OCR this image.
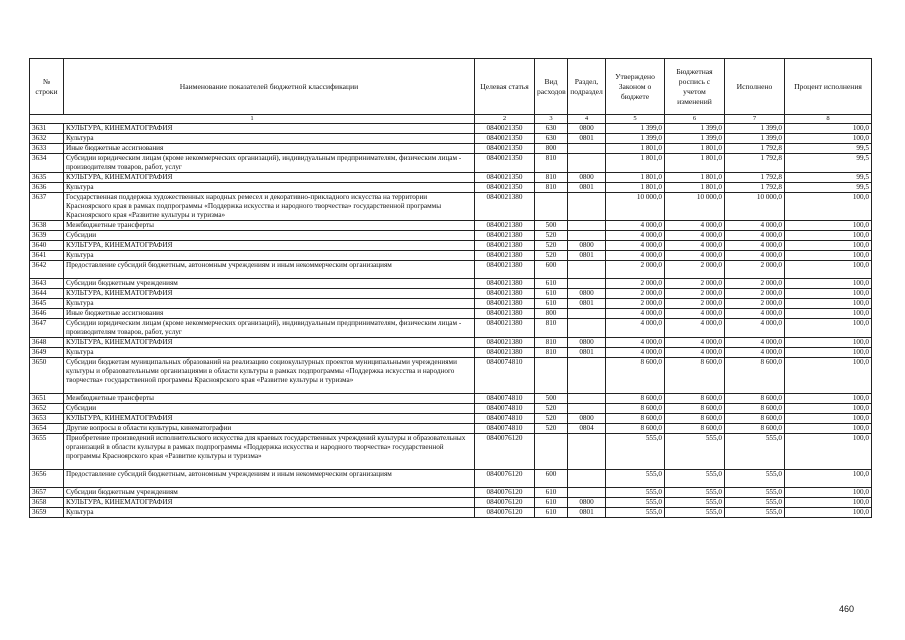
№ строки	Наименование показателей бюджетной классификации	Целевая статья	Вид расходов	Раздел, подраздел	Утверждено Законом о бюджете	Бюджетная роспись с учетом изменений	Исполнено	Процент исполнения
1		2	3	4	5	6	7	8
3631	КУЛЬТУРА, КИНЕМАТОГРАФИЯ	0840021350	630	0800	1 399,0	1 399,0	1 399,0	100,0
3632	Культура	0840021350	630	0801	1 399,0	1 399,0	1 399,0	100,0
3633	Иные бюджетные ассигнования	0840021350	800		1 801,0	1 801,0	1 792,8	99,5
3634	Субсидии юридическим лицам (кроме некоммерческих организаций), индивидуальным предпринимателям, физическим лицам - производителям товаров, работ, услуг	0840021350	810		1 801,0	1 801,0	1 792,8	99,5
3635	КУЛЬТУРА, КИНЕМАТОГРАФИЯ	0840021350	810	0800	1 801,0	1 801,0	1 792,8	99,5
3636	Культура	0840021350	810	0801	1 801,0	1 801,0	1 792,8	99,5
3637	Государственная поддержка художественных народных ремесел и декоративно-прикладного искусства на территории Красноярского края в рамках подпрограммы «Поддержка искусства и народного творчества» государственной программы Красноярского края «Развитие культуры и туризма»	0840021380			10 000,0	10 000,0	10 000,0	100,0
3638	Межбюджетные трансферты	0840021380	500		4 000,0	4 000,0	4 000,0	100,0
3639	Субсидии	0840021380	520		4 000,0	4 000,0	4 000,0	100,0
3640	КУЛЬТУРА, КИНЕМАТОГРАФИЯ	0840021380	520	0800	4 000,0	4 000,0	4 000,0	100,0
3641	Культура	0840021380	520	0801	4 000,0	4 000,0	4 000,0	100,0
3642	Предоставление субсидий бюджетным, автономным учреждениям и иным некоммерческим организациям	0840021380	600		2 000,0	2 000,0	2 000,0	100,0
3643	Субсидии бюджетным учреждениям	0840021380	610		2 000,0	2 000,0	2 000,0	100,0
3644	КУЛЬТУРА, КИНЕМАТОГРАФИЯ	0840021380	610	0800	2 000,0	2 000,0	2 000,0	100,0
3645	Культура	0840021380	610	0801	2 000,0	2 000,0	2 000,0	100,0
3646	Иные бюджетные ассигнования	0840021380	800		4 000,0	4 000,0	4 000,0	100,0
3647	Субсидии юридическим лицам (кроме некоммерческих организаций), индивидуальным предпринимателям, физическим лицам - производителям товаров, работ, услуг	0840021380	810		4 000,0	4 000,0	4 000,0	100,0
3648	КУЛЬТУРА, КИНЕМАТОГРАФИЯ	0840021380	810	0800	4 000,0	4 000,0	4 000,0	100,0
3649	Культура	0840021380	810	0801	4 000,0	4 000,0	4 000,0	100,0
3650	Субсидии бюджетам муниципальных образований на реализацию социокультурных проектов муниципальными учреждениями культуры и образовательными организациями в области культуры в рамках подпрограммы «Поддержка искусства и народного творчества» государственной программы Красноярского края «Развитие культуры и туризма»	0840074810			8 600,0	8 600,0	8 600,0	100,0
3651	Межбюджетные трансферты	0840074810	500		8 600,0	8 600,0	8 600,0	100,0
3652	Субсидии	0840074810	520		8 600,0	8 600,0	8 600,0	100,0
3653	КУЛЬТУРА, КИНЕМАТОГРАФИЯ	0840074810	520	0800	8 600,0	8 600,0	8 600,0	100,0
3654	Другие вопросы в области культуры, кинематографии	0840074810	520	0804	8 600,0	8 600,0	8 600,0	100,0
3655	Приобретение произведений исполнительского искусства для краевых государственных учреждений культуры и образовательных организаций в области культуры в рамках подпрограммы «Поддержка искусства и народного творчества» государственной программы Красноярского края «Развитие культуры и туризма»	0840076120			555,0	555,0	555,0	100,0
3656	Предоставление субсидий бюджетным, автономным учреждениям и иным некоммерческим организациям	0840076120	600		555,0	555,0	555,0	100,0
3657	Субсидии бюджетным учреждениям	0840076120	610		555,0	555,0	555,0	100,0
3658	КУЛЬТУРА, КИНЕМАТОГРАФИЯ	0840076120	610	0800	555,0	555,0	555,0	100,0
3659	Культура	0840076120	610	0801	555,0	555,0	555,0	100,0
460
